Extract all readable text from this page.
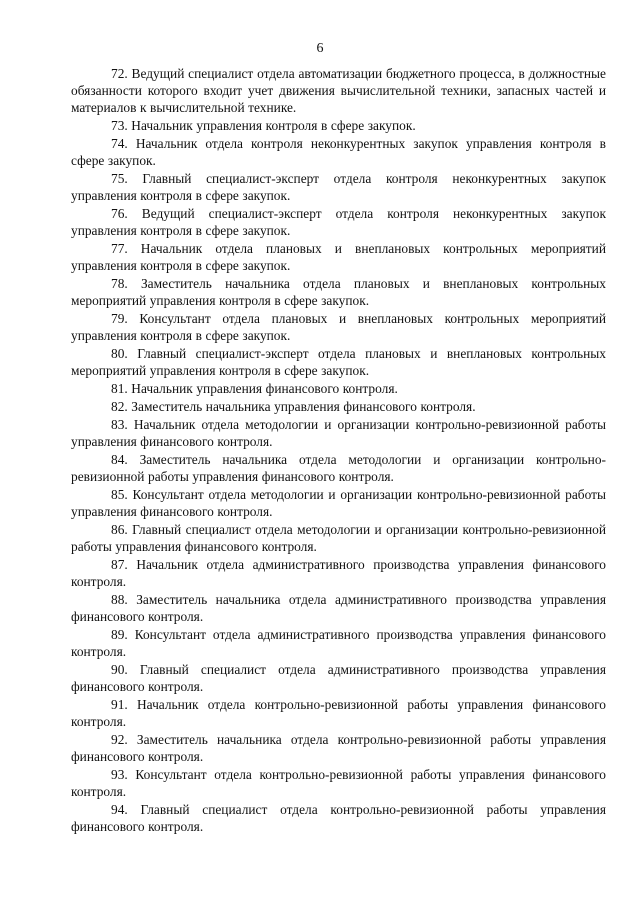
6

72. Ведущий специалист отдела автоматизации бюджетного процесса, в должностные обязанности которого входит учет движения вычислительной техники, запасных частей и материалов к вычислительной технике.

73. Начальник управления контроля в сфере закупок.

74. Начальник отдела контроля неконкурентных закупок управления контроля в сфере закупок.

75. Главный специалист-эксперт отдела контроля неконкурентных закупок управления контроля в сфере закупок.

76. Ведущий специалист-эксперт отдела контроля неконкурентных закупок управления контроля в сфере закупок.

77. Начальник отдела плановых и внеплановых контрольных мероприятий управления контроля в сфере закупок.

78. Заместитель начальника отдела плановых и внеплановых контрольных мероприятий управления контроля в сфере закупок.

79. Консультант отдела плановых и внеплановых контрольных мероприятий управления контроля в сфере закупок.

80. Главный специалист-эксперт отдела плановых и внеплановых контрольных мероприятий управления контроля в сфере закупок.

81. Начальник управления финансового контроля.

82. Заместитель начальника управления финансового контроля.

83. Начальник отдела методологии и организации контрольно-ревизионной работы управления финансового контроля.

84. Заместитель начальника отдела методологии и организации контрольно-ревизионной работы управления финансового контроля.

85. Консультант отдела методологии и организации контрольно-ревизионной работы управления финансового контроля.

86. Главный специалист отдела методологии и организации контрольно-ревизионной работы управления финансового контроля.

87. Начальник отдела административного производства управления финансового контроля.

88. Заместитель начальника отдела административного производства управления финансового контроля.

89. Консультант отдела административного производства управления финансового контроля.

90. Главный специалист отдела административного производства управления финансового контроля.

91. Начальник отдела контрольно-ревизионной работы управления финансового контроля.

92. Заместитель начальника отдела контрольно-ревизионной работы управления финансового контроля.

93. Консультант отдела контрольно-ревизионной работы управления финансового контроля.

94. Главный специалист отдела контрольно-ревизионной работы управления финансового контроля.
